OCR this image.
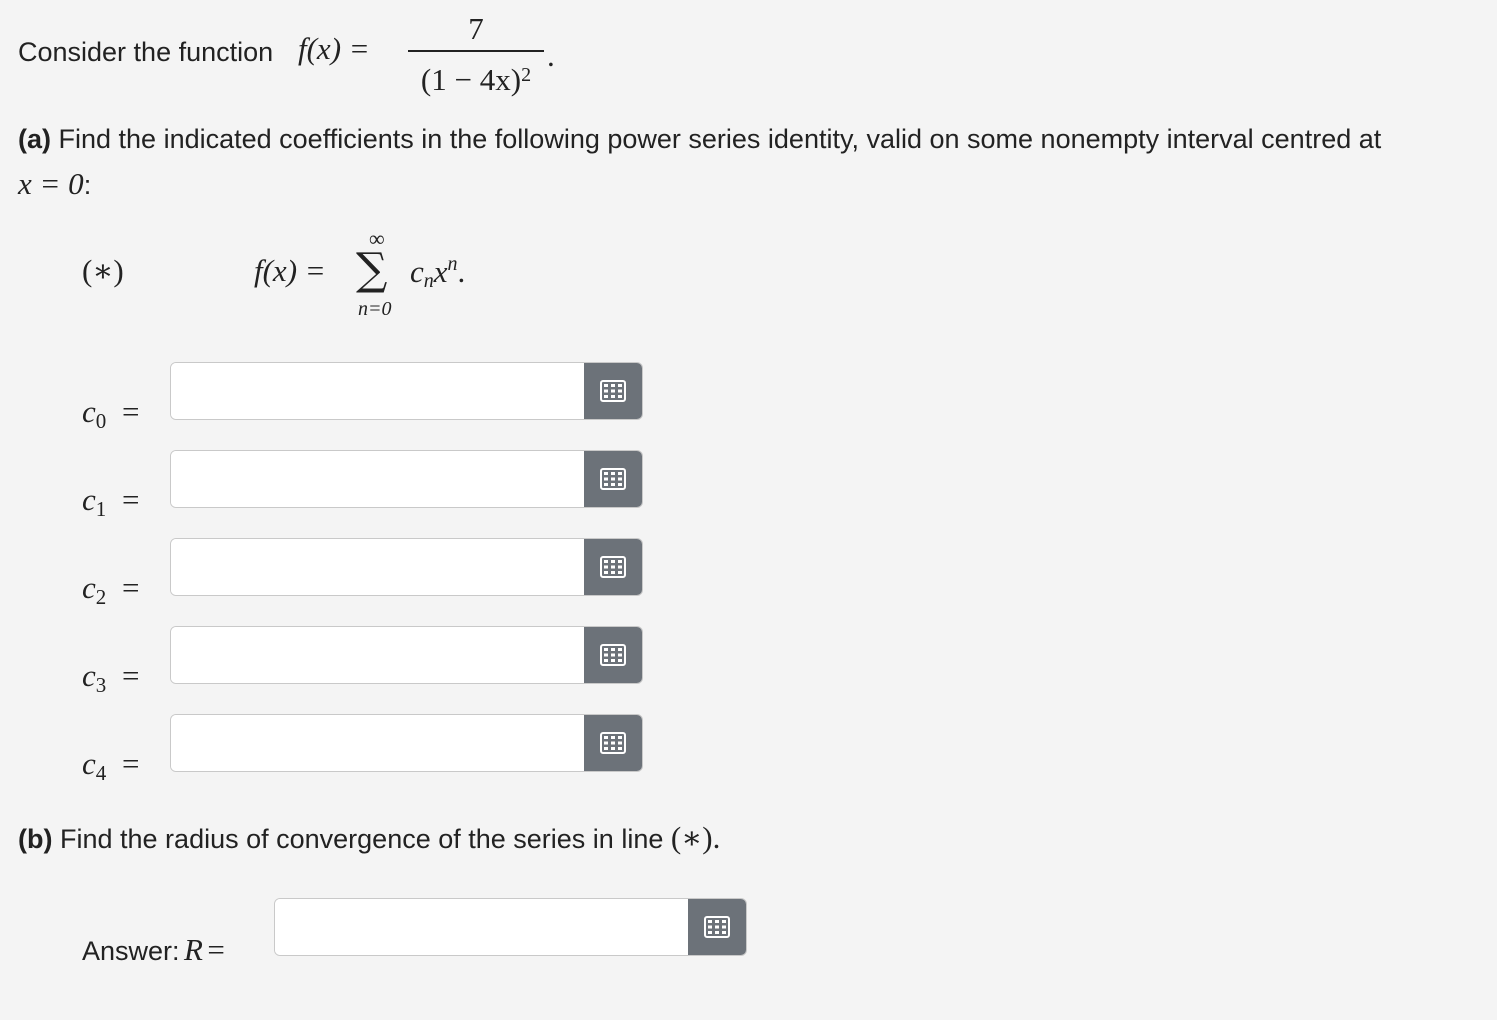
Consider the function f(x) =
7
$(1 - 4x)^2$
.
(a) Find the indicated coefficients in the following power series identity, valid on some nonempty interval centred at
x = 0:
(∗)	f(x) =
∞
∑
n=0
$c_nx^n$.
$c_0$ =
$c_1$ =
$c_2$ =
$c_3$ =
$c_4$ =
(b) Find the radius of convergence of the series in line (∗).
Answer: R =
